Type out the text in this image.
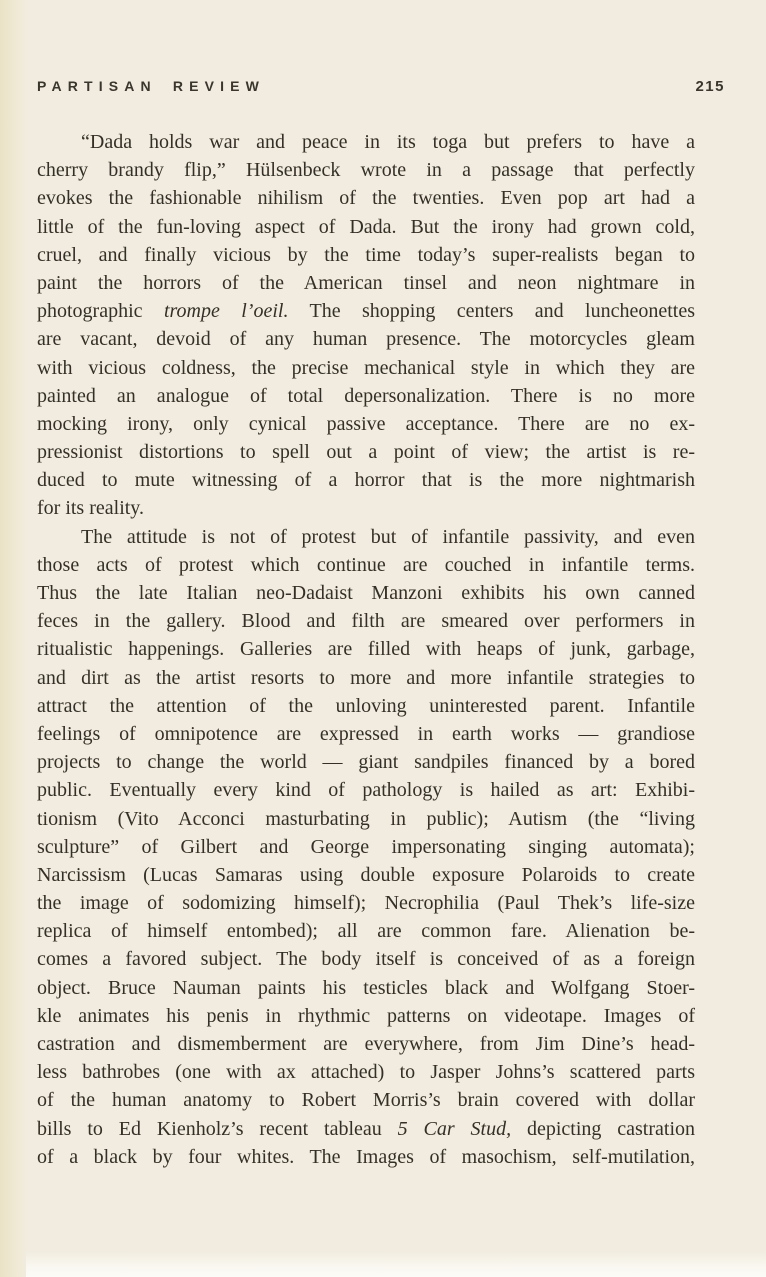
PARTISAN REVIEW	215
“Dada holds war and peace in its toga but prefers to have a
cherry brandy flip,” Hülsenbeck wrote in a passage that perfectly
evokes the fashionable nihilism of the twenties. Even pop art had a
little of the fun-loving aspect of Dada. But the irony had grown cold,
cruel, and finally vicious by the time today’s super-realists began to
paint the horrors of the American tinsel and neon nightmare in
photographic trompe l’oeil. The shopping centers and luncheonettes
are vacant, devoid of any human presence. The motorcycles gleam
with vicious coldness, the precise mechanical style in which they are
painted an analogue of total depersonalization. There is no more
mocking irony, only cynical passive acceptance. There are no ex-
pressionist distortions to spell out a point of view; the artist is re-
duced to mute witnessing of a horror that is the more nightmarish
for its reality.
The attitude is not of protest but of infantile passivity, and even
those acts of protest which continue are couched in infantile terms.
Thus the late Italian neo-Dadaist Manzoni exhibits his own canned
feces in the gallery. Blood and filth are smeared over performers in
ritualistic happenings. Galleries are filled with heaps of junk, garbage,
and dirt as the artist resorts to more and more infantile strategies to
attract the attention of the unloving uninterested parent. Infantile
feelings of omnipotence are expressed in earth works — grandiose
projects to change the world — giant sandpiles financed by a bored
public. Eventually every kind of pathology is hailed as art: Exhibi-
tionism (Vito Acconci masturbating in public); Autism (the “living
sculpture” of Gilbert and George impersonating singing automata);
Narcissism (Lucas Samaras using double exposure Polaroids to create
the image of sodomizing himself); Necrophilia (Paul Thek’s life-size
replica of himself entombed); all are common fare. Alienation be-
comes a favored subject. The body itself is conceived of as a foreign
object. Bruce Nauman paints his testicles black and Wolfgang Stoer-
kle animates his penis in rhythmic patterns on videotape. Images of
castration and dismemberment are everywhere, from Jim Dine’s head-
less bathrobes (one with ax attached) to Jasper Johns’s scattered parts
of the human anatomy to Robert Morris’s brain covered with dollar
bills to Ed Kienholz’s recent tableau 5 Car Stud, depicting castration
of a black by four whites. The Images of masochism, self-mutilation,
